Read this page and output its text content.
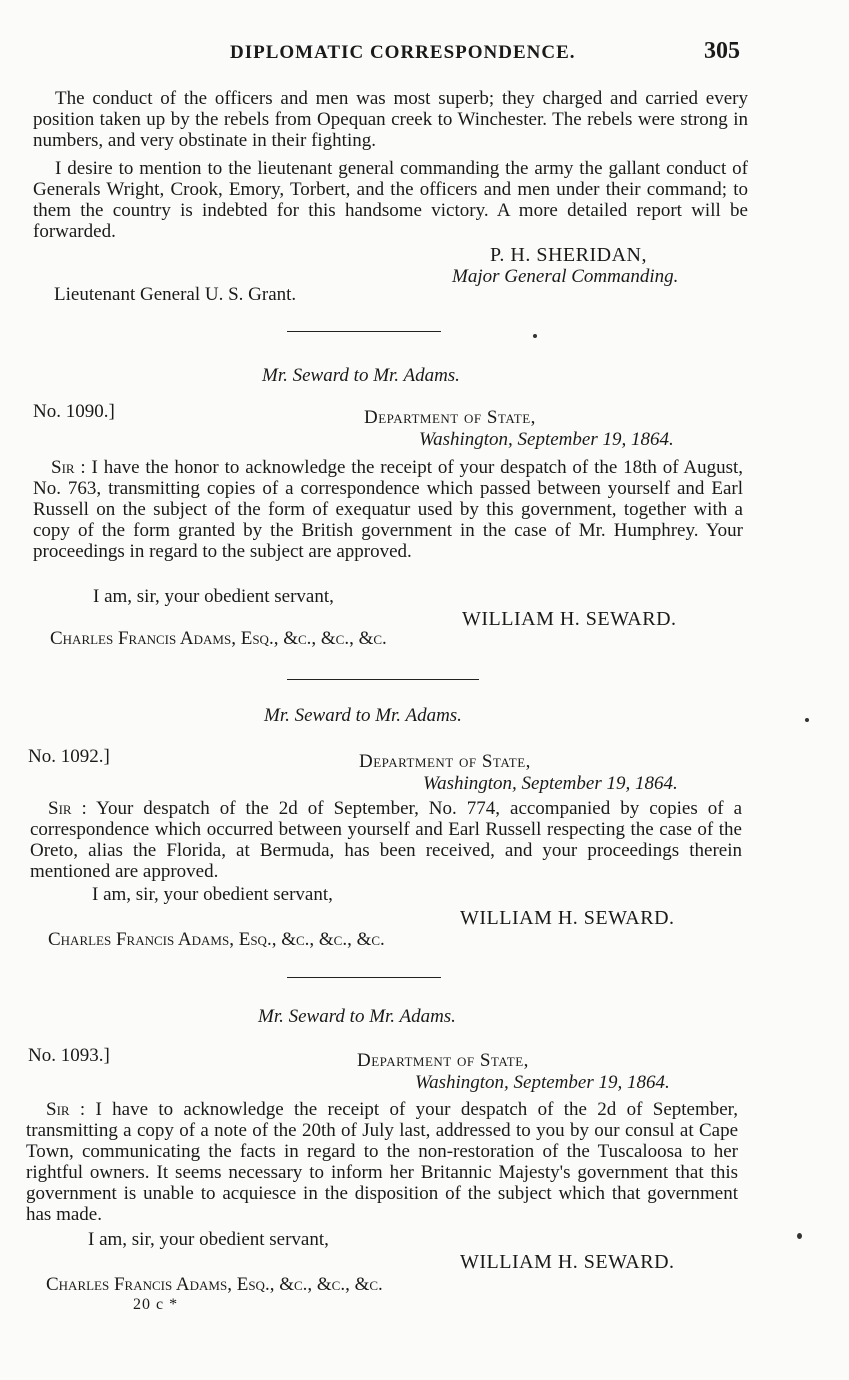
DIPLOMATIC CORRESPONDENCE.	305

The conduct of the officers and men was most superb; they charged and carried every position taken up by the rebels from Opequan creek to Winchester. The rebels were strong in numbers, and very obstinate in their fighting.

I desire to mention to the lieutenant general commanding the army the gallant conduct of Generals Wright, Crook, Emory, Torbert, and the officers and men under their command; to them the country is indebted for this handsome victory. A more detailed report will be forwarded.

P. H. SHERIDAN,
Major General Commanding.
Lieutenant General U. S. Grant.
Mr. Seward to Mr. Adams.
No. 1090.]	Department of State,
Washington, September 19, 1864.

Sir : I have the honor to acknowledge the receipt of your despatch of the 18th of August, No. 763, transmitting copies of a correspondence which passed between yourself and Earl Russell on the subject of the form of exequatur used by this government, together with a copy of the form granted by the British government in the case of Mr. Humphrey. Your proceedings in regard to the subject are approved.

I am, sir, your obedient servant,
WILLIAM H. SEWARD.
Charles Francis Adams, Esq., &c., &c., &c.
Mr. Seward to Mr. Adams.
No. 1092.]	Department of State,
Washington, September 19, 1864.

Sir : Your despatch of the 2d of September, No. 774, accompanied by copies of a correspondence which occurred between yourself and Earl Russell respecting the case of the Oreto, alias the Florida, at Bermuda, has been received, and your proceedings therein mentioned are approved.

I am, sir, your obedient servant,
WILLIAM H. SEWARD.
Charles Francis Adams, Esq., &c., &c., &c.
Mr. Seward to Mr. Adams.
No. 1093.]	Department of State,
Washington, September 19, 1864.

Sir : I have to acknowledge the receipt of your despatch of the 2d of September, transmitting a copy of a note of the 20th of July last, addressed to you by our consul at Cape Town, communicating the facts in regard to the non-restoration of the Tuscaloosa to her rightful owners. It seems necessary to inform her Britannic Majesty's government that this government is unable to acquiesce in the disposition of the subject which that government has made.

I am, sir, your obedient servant,
WILLIAM H. SEWARD.
Charles Francis Adams, Esq., &c., &c., &c.
20 c *
